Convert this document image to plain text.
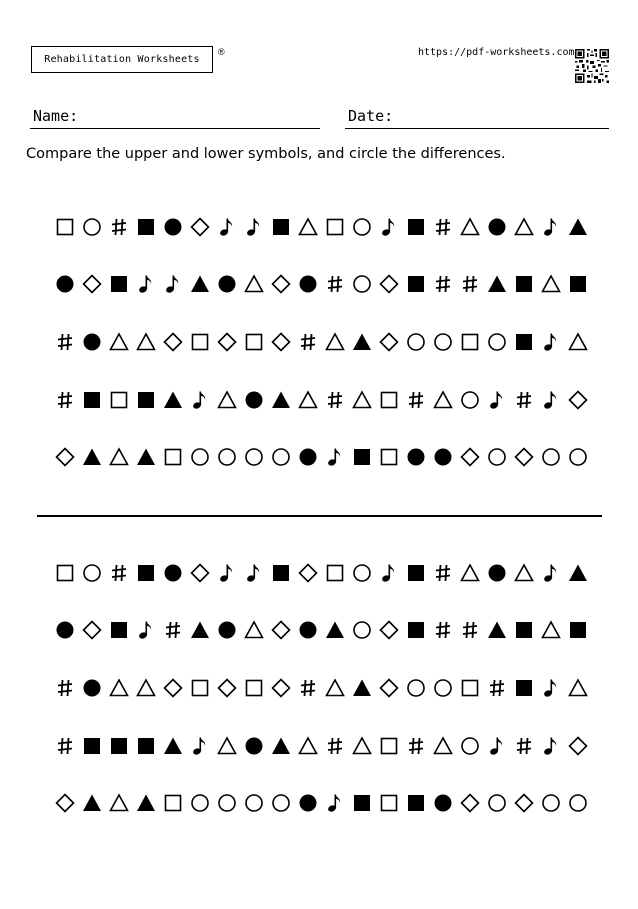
Rehabilitation Worksheets
®	https://pdf-worksheets.com
Name:	Date:
Compare the upper and lower symbols, and circle the differences.
